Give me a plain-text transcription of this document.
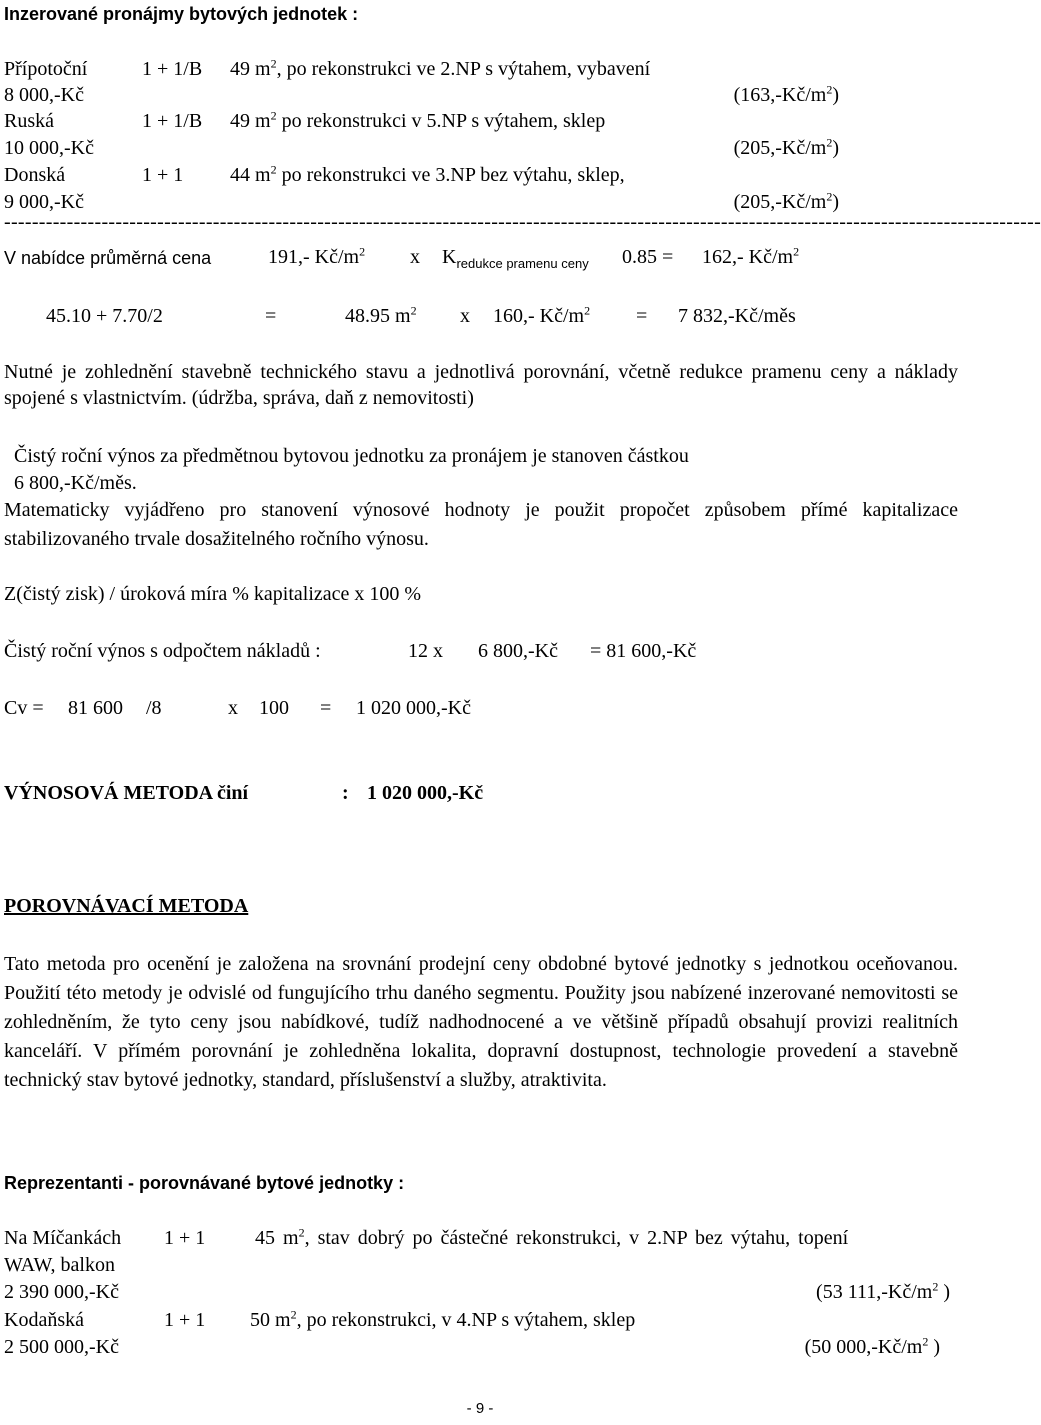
Inzerované pronájmy bytových jednotek :
Přípotoční	1 + 1/B 49 $m^2$, po rekonstrukci ve 2.NP s výtahem, vybavení
8 000,-Kč	$(163,-Kč/m^2)$
Ruská	1 + 1/B 49 $m^2$ po rekonstrukci v 5.NP s výtahem, sklep
10 000,-Kč	$(205,-Kč/m^2)$
Donská	1 + 1 44 $m^2$ po rekonstrukci ve 3.NP bez výtahu, sklep,
9 000,-Kč	$(205,-Kč/m^2)$
-----------------------------------------------------------------------------------------------------------------------------------------------------
V nabídce průměrná cena	191,- $Kč/m^2$ x $K_{redukce pramenu ceny}$ 0.85 = 162,- $Kč/m^2$
45.10 + 7.70/2	=	48.95 $m^2$ x 160,- $Kč/m^2 = 7$ 832,-Kč/měs
Nutné je zohlednění stavebně technického stavu a jednotlivá porovnání, včetně redukce pramenu ceny a náklady spojené s vlastnictvím. (údržba, správa, daň z nemovitosti)
Čistý roční výnos za předmětnou bytovou jednotku za pronájem je stanoven částkou
6 800,-Kč/měs.
Matematicky vyjádřeno pro stanovení výnosové hodnoty je použit propočet způsobem přímé kapitalizace stabilizovaného trvale dosažitelného ročního výnosu.
Z(čistý zisk) / úroková míra % kapitalizace x 100 %
Čistý roční výnos s odpočtem nákladů :	12 x 6 800,-Kč = 81 600,-Kč
Cv = 81 600 /8	x 100 = 1 020 000,-Kč
VÝNOSOVÁ METODA činí	: 1 020 000,-Kč
POROVNÁVACÍ METODA
Tato metoda pro ocenění je založena na srovnání prodejní ceny obdobné bytové jednotky s jednotkou oceňovanou. Použití této metody je odvislé od fungujícího trhu daného segmentu. Použity jsou nabízené inzerované nemovitosti se zohledněním, že tyto ceny jsou nabídkové, tudíž nadhodnocené a ve většině případů obsahují provizi realitních kanceláří. V přímém porovnání je zohledněna lokalita, dopravní dostupnost, technologie provedení a stavebně technický stav bytové jednotky, standard, příslušenství a služby, atraktivita.
Reprezentanti - porovnávané bytové jednotky :
Na Míčankách 1 + 1 45 $m^2$, stav dobrý po částečné rekonstrukci, v 2.NP bez výtahu, topení
WAW, balkon
2 390 000,-Kč	(53 $111,-Kč/m^2$ )
Kodaňská	1 + 1 50 $m^2$, po rekonstrukci, v 4.NP s výtahem, sklep
2 500 000,-Kč	(50 $000,-Kč/m^2$ )
- 9 -
